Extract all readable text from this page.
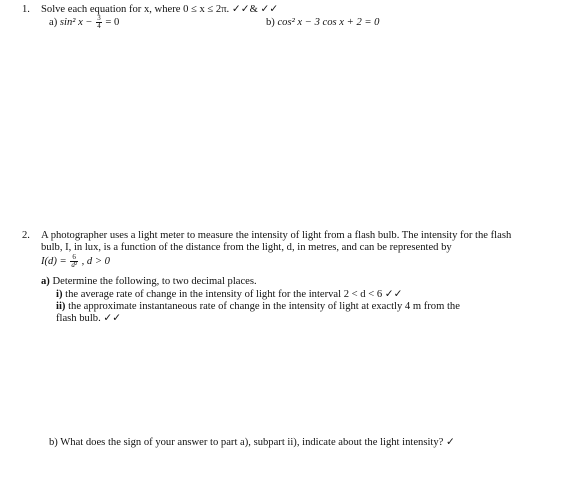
1. Solve each equation for x, where 0 ≤ x ≤ 2π. ✓✓& ✓✓
a) sin² $x - \frac{3}{4} = 0$	b) cos² x − 3 cos x + 2 = 0
2. A photographer uses a light meter to measure the intensity of light from a flash bulb. The intensity for the flash
bulb, I, in lux, is a function of the distance from the light, d, in metres, and can be represented by
$I(d) = \frac{6}{\text{d²}}$ , d > 0
a) Determine the following, to two decimal places.
i) the average rate of change in the intensity of light for the interval 2 < d < 6 ✓✓
ii) the approximate instantaneous rate of change in the intensity of light at exactly 4 m from the
flash bulb. ✓✓
b) What does the sign of your answer to part a), subpart ii), indicate about the light intensity? ✓
